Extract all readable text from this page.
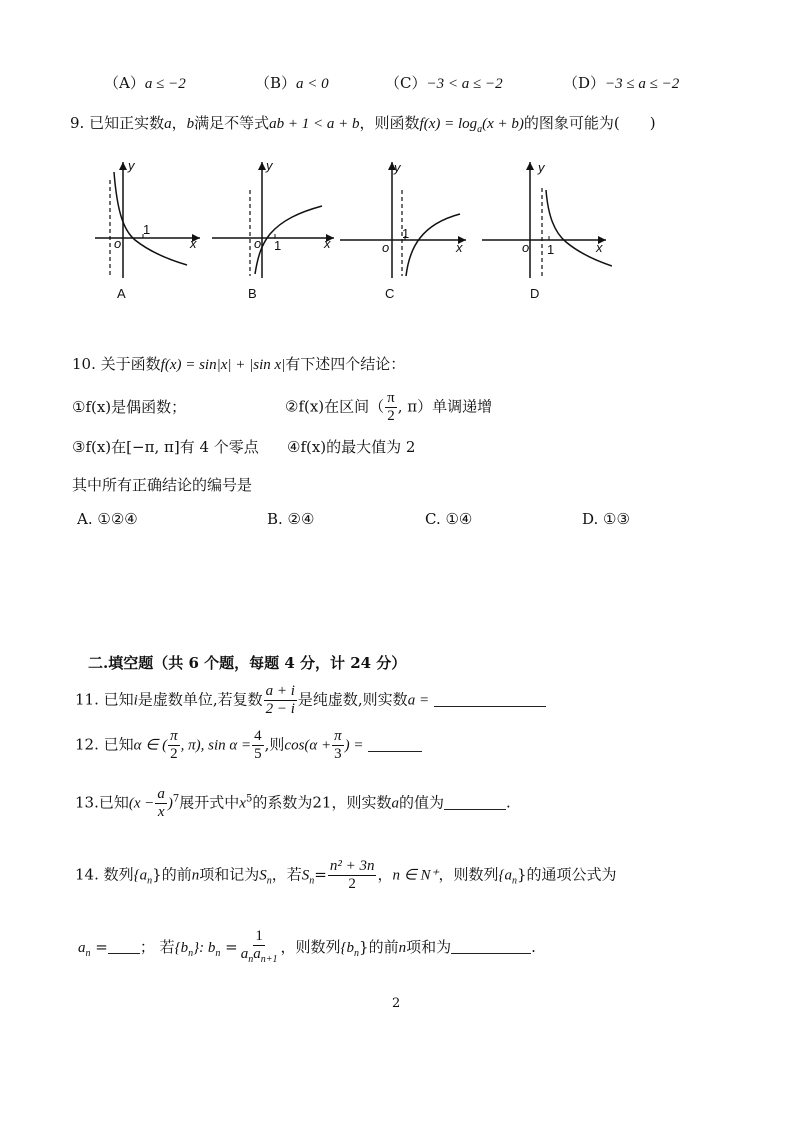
（A）a ≤ −2	（B）a < 0	（C）−3 < a ≤ −2	（D）−3 ≤ a ≤ −2
9. 已知正实数a，b满足不等式ab + 1 < a + b，则函数$f(x) = \log_a(x + b)$的图象可能为(　　)
y
x
o
1
A
y
x
o 1
B
y
x
o
1
C
y
x
o 1
D
10. 关于函数f(x) = sin|x| + |sin x|有下述四个结论：
①f(x)是偶函数；	②f(x)在区间（ $\frac{\pi}{2}$ , π）单调递增
③f(x)在[−π, π]有 4 个零点 ④f(x)的最大值为 2
其中所有正确结论的编号是
A. ①②④	B. ②④	C. ①④	D. ①③
二.填空题（共 6 个题，每题 4 分，计 24 分）
11. 已知i是虚数单位,若复数 $\frac{a + i}{2 - i}$ 是纯虚数,则实数a =
12. 已知α ∈ ( $\frac{\pi}{2}$ , π), $\sin \alpha = \frac{4}{5}$ ,则$\cos(\alpha + \frac{\pi}{3}$ ) =
13.已知$(x - \frac{a}{x} )^7$展开式中$x^5$的系数为21，则实数a的值为	.
14. 数列$\{a_n\}$的前n项和记为$S_n$，若$S_n= \frac{\text{n² + 3n}}{2}$ ，n ∈ N⁺，则数列$\{a_n\}$的通项公式为
$a_n$ = ； 若$\{b_n\}$: $b_n = \frac{1}{a_na_{n+1}}$ ，则数列$\{b_n\}$的前n项和为	.
2
